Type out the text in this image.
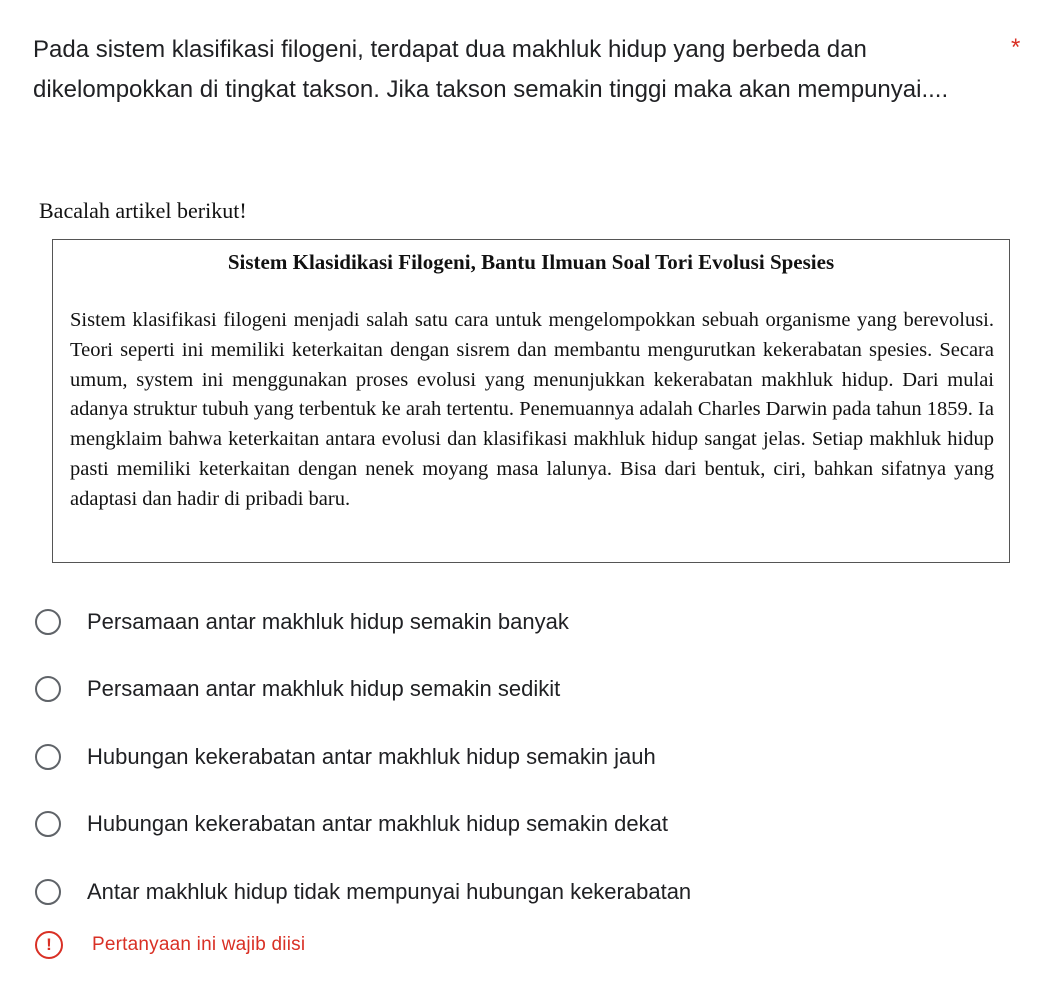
Pada sistem klasifikasi filogeni, terdapat dua makhluk hidup yang berbeda dan dikelompokkan di tingkat takson. Jika takson semakin tinggi maka akan mempunyai....
*
Bacalah artikel berikut!
Sistem Klasidikasi Filogeni, Bantu Ilmuan Soal Tori Evolusi Spesies

Sistem klasifikasi filogeni menjadi salah satu cara untuk mengelompokkan sebuah organisme yang berevolusi. Teori seperti ini memiliki keterkaitan dengan sisrem dan membantu mengurutkan kekerabatan spesies. Secara umum, system ini menggunakan proses evolusi yang menunjukkan kekerabatan makhluk hidup. Dari mulai adanya struktur tubuh yang terbentuk ke arah tertentu. Penemuannya adalah Charles Darwin pada tahun 1859. Ia mengklaim bahwa keterkaitan antara evolusi dan klasifikasi makhluk hidup sangat jelas. Setiap makhluk hidup pasti memiliki keterkaitan dengan nenek moyang masa lalunya. Bisa dari bentuk, ciri, bahkan sifatnya yang adaptasi dan hadir di pribadi baru.

Persamaan antar makhluk hidup semakin banyak
Persamaan antar makhluk hidup semakin sedikit
Hubungan kekerabatan antar makhluk hidup semakin jauh
Hubungan kekerabatan antar makhluk hidup semakin dekat
Antar makhluk hidup tidak mempunyai hubungan kekerabatan
!	Pertanyaan ini wajib diisi
